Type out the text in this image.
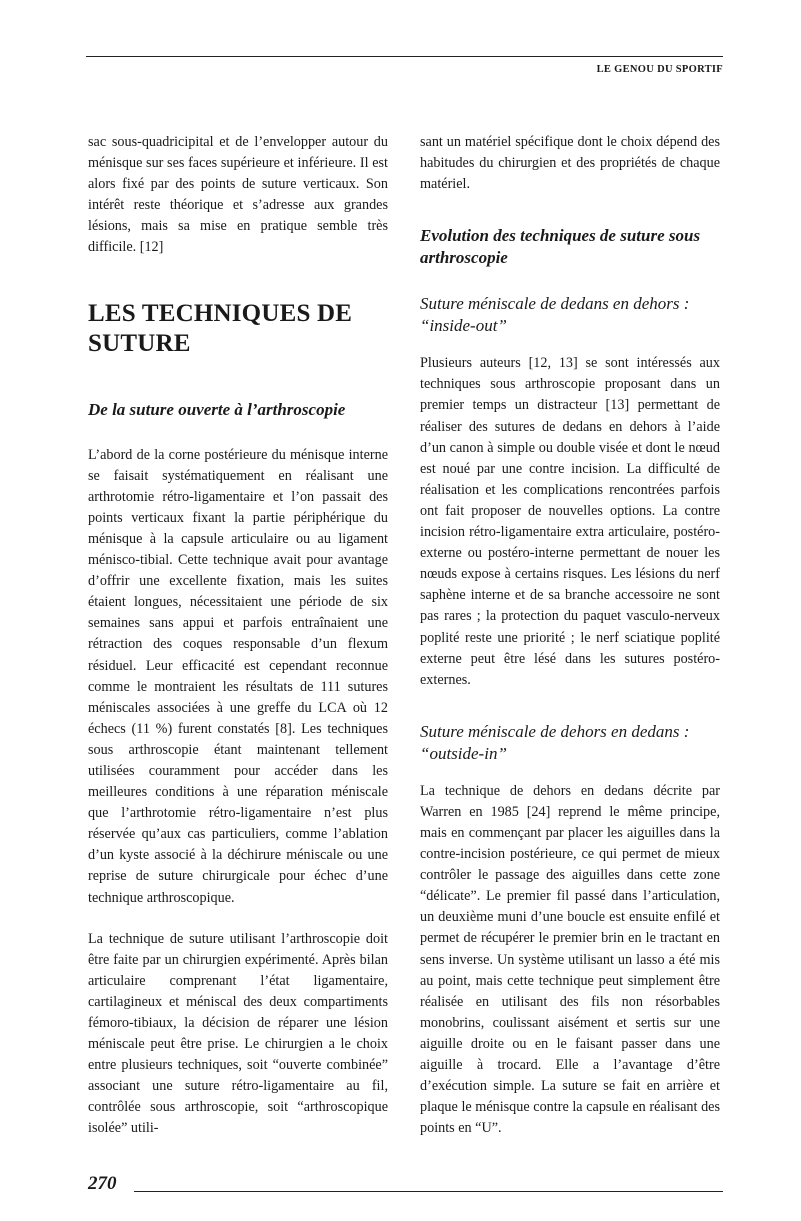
LE GENOU DU SPORTIF

sac sous-quadricipital et de l’envelopper autour du ménisque sur ses faces supérieure et inférieure. Il est alors fixé par des points de suture verticaux. Son intérêt reste théorique et s’adresse aux grandes lésions, mais sa mise en pratique semble très difficile. [12]

LES TECHNIQUES DE SUTURE
De la suture ouverte à l’arthroscopie

L’abord de la corne postérieure du ménisque interne se faisait systématiquement en réalisant une arthrotomie rétro-ligamentaire et l’on passait des points verticaux fixant la partie périphérique du ménisque à la capsule articulaire ou au ligament ménisco-tibial. Cette technique avait pour avantage d’offrir une excellente fixation, mais les suites étaient longues, nécessitaient une période de six semaines sans appui et parfois entraînaient une rétraction des coques responsable d’un flexum résiduel. Leur efficacité est cependant reconnue comme le montraient les résultats de 111 sutures méniscales associées à une greffe du LCA où 12 échecs (11 %) furent constatés [8]. Les techniques sous arthroscopie étant maintenant tellement utilisées couramment pour accéder dans les meilleures conditions à une réparation méniscale que l’arthrotomie rétro-ligamentaire n’est plus réservée qu’aux cas particuliers, comme l’ablation d’un kyste associé à la déchirure méniscale ou une reprise de suture chirurgicale pour échec d’une technique arthroscopique.

La technique de suture utilisant l’arthroscopie doit être faite par un chirurgien expérimenté. Après bilan articulaire comprenant l’état ligamentaire, cartilagineux et méniscal des deux compartiments fémoro-tibiaux, la décision de réparer une lésion méniscale peut être prise. Le chirurgien a le choix entre plusieurs techniques, soit “ouverte combinée” associant une suture rétro-ligamentaire au fil, contrôlée sous arthroscopie, soit “arthroscopique isolée” utili-

sant un matériel spécifique dont le choix dépend des habitudes du chirurgien et des propriétés de chaque matériel.

Evolution des techniques de suture sous arthroscopie
Suture méniscale de dedans en dehors : “inside-out”

Plusieurs auteurs [12, 13] se sont intéressés aux techniques sous arthroscopie proposant dans un premier temps un distracteur [13] permettant de réaliser des sutures de dedans en dehors à l’aide d’un canon à simple ou double visée et dont le nœud est noué par une contre incision. La difficulté de réalisation et les complications rencontrées parfois ont fait proposer de nouvelles options. La contre incision rétro-ligamentaire extra articulaire, postéro-externe ou postéro-interne permettant de nouer les nœuds expose à certains risques. Les lésions du nerf saphène interne et de sa branche accessoire ne sont pas rares ; la protection du paquet vasculo-nerveux poplité reste une priorité ; le nerf sciatique poplité externe peut être lésé dans les sutures postéro-externes.

Suture méniscale de dehors en dedans : “outside-in”

La technique de dehors en dedans décrite par Warren en 1985 [24] reprend le même principe, mais en commençant par placer les aiguilles dans la contre-incision postérieure, ce qui permet de mieux contrôler le passage des aiguilles dans cette zone “délicate”. Le premier fil passé dans l’articulation, un deuxième muni d’une boucle est ensuite enfilé et permet de récupérer le premier brin en le tractant en sens inverse. Un système utilisant un lasso a été mis au point, mais cette technique peut simplement être réalisée en utilisant des fils non résorbables monobrins, coulissant aisément et sertis sur une aiguille droite ou en le faisant passer dans une aiguille à trocard. Elle a l’avantage d’être d’exécution simple. La suture se fait en arrière et plaque le ménisque contre la capsule en réalisant des points en “U”.

270
